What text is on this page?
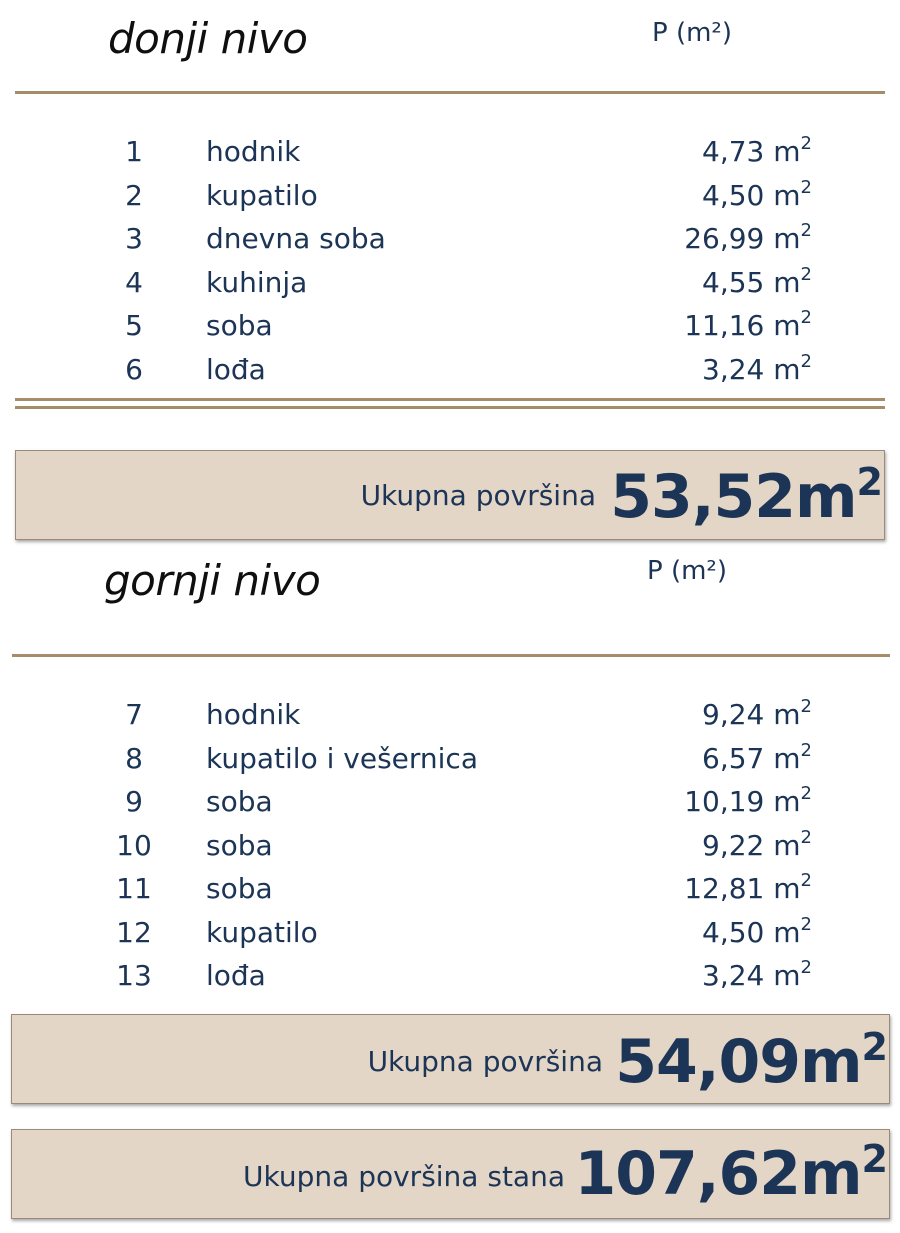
donji nivo	P (m²)
1	hodnik	4,73 $m^2$
2	kupatilo	4,50 $m^2$
3	dnevna soba	26,99 $m^2$
4	kuhinja	4,55 $m^2$
5	soba	11,16 $m^2$
6	lođa	3,24 $m^2$
Ukupna površina $53,52m^2$
gornji nivo	P (m²)
7	hodnik	9,24 $m^2$
8	kupatilo i vešernica	6,57 $m^2$
9	soba	10,19 $m^2$
10 soba	9,22 $m^2$
11 soba	12,81 $m^2$
12 kupatilo	4,50 $m^2$
13 lođa	3,24 $m^2$
Ukupna površina $54,09m^2$
Ukupna površina stana $107,62m^2$
